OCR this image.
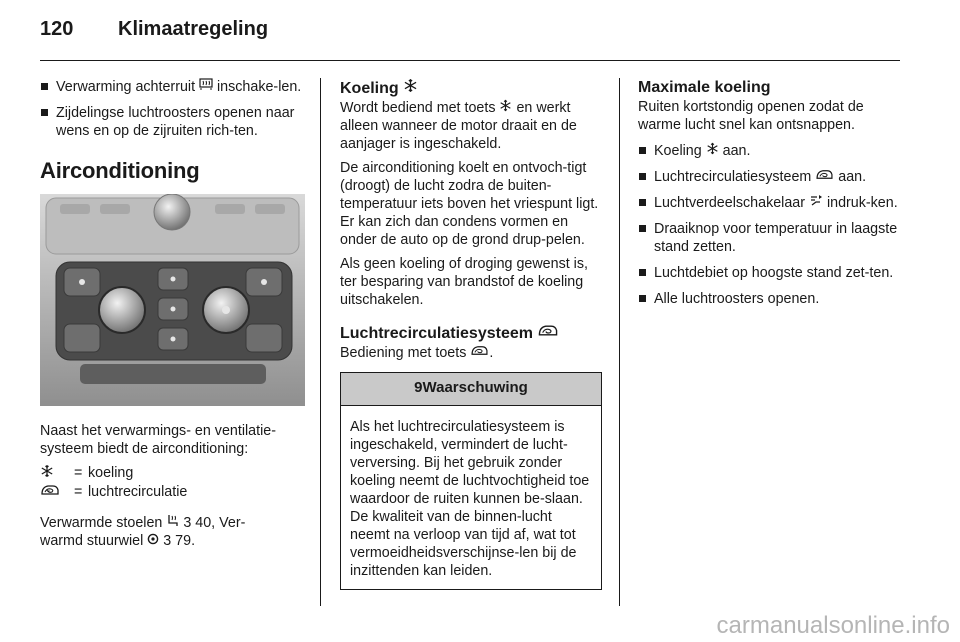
120 Klimaatregeling
Verwarming achterruit  inschake-len.
Zijdelingse luchtroosters openen naar wens en op de zijruiten rich-ten.
Airconditioning

Naast het verwarmings- en ventilatie-systeem biedt de airconditioning:

= koeling
= luchtrecirculatie

Verwarmde stoelen  3 40, Ver-
warmd stuurwiel  3 79.

Koeling

Wordt bediend met toets  en werkt alleen wanneer de motor draait en de aanjager is ingeschakeld.

De airconditioning koelt en ontvoch-tigt (droogt) de lucht zodra de buiten-temperatuur iets boven het vriespunt ligt. Er kan zich dan condens vormen en onder de auto op de grond drup-pelen.

Als geen koeling of droging gewenst is, ter besparing van brandstof de koeling uitschakelen.

Luchtrecirculatiesysteem

Bediening met toets .

9Waarschuwing
Als het luchtrecirculatiesysteem is ingeschakeld, vermindert de lucht-verversing. Bij het gebruik zonder koeling neemt de luchtvochtigheid toe waardoor de ruiten kunnen be-slaan. De kwaliteit van de binnen-lucht neemt na verloop van tijd af, wat tot vermoeidheidsverschijnse-len bij de inzittenden kan leiden.
Maximale koeling

Ruiten kortstondig openen zodat de warme lucht snel kan ontsnappen.

Koeling  aan.
Luchtrecirculatiesysteem  aan.
Luchtverdeelschakelaar  indruk-ken.
Draaiknop voor temperatuur in laagste stand zetten.
Luchtdebiet op hoogste stand zet-ten.
Alle luchtroosters openen.
carmanualsonline.info
